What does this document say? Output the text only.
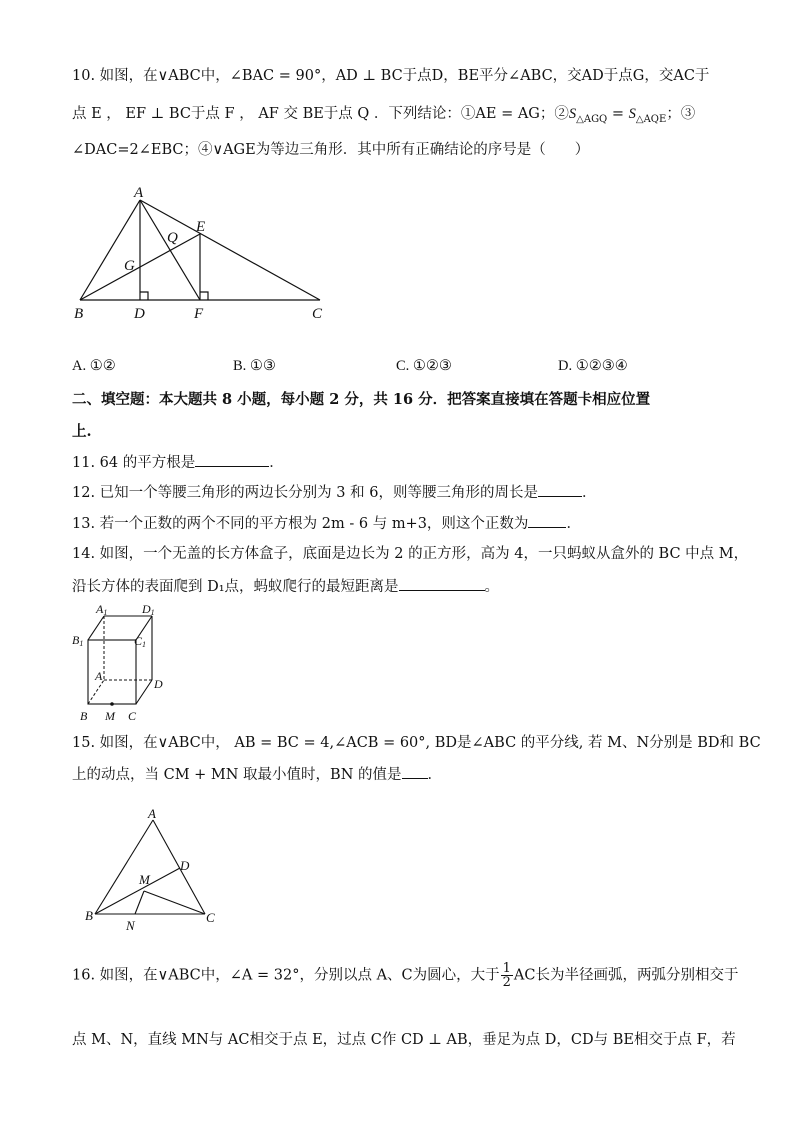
10. 如图，在∨ABC中，∠BAC = 90°，AD ⊥ BC于点D，BE平分∠ABC，交AD于点G，交AC于
点 E ， EF ⊥ BC于点 F ， AF 交 BE于点 Q ．下列结论：①AE = AG；$②S_{\triangle AGQ} = S_{\triangle AQE}$；③
∠DAC=2∠EBC；④∨AGE为等边三角形．其中所有正确结论的序号是（　　）
A
B	C
D
E
F
G
Q
A. ①②	B. ①③	C. ①②③	D. ①②③④
二、填空题：本大题共 8 小题，每小题 2 分，共 16 分．把答案直接填在答题卡相应位置
上.
11. 64 的平方根是	．
12. 已知一个等腰三角形的两边长分别为 3 和 6，则等腰三角形的周长是	．
13. 若一个正数的两个不同的平方根为 2m - 6 与 m+3，则这个正数为	．
14. 如图，一个无盖的长方体盒子，底面是边长为 2 的正方形，高为 4，一只蚂蚁从盒外的 BC 中点 M，
沿长方体的表面爬到 D₁点，蚂蚁爬行的最短距离是	。
A1	D1
B1	C1
A
D
B M C
15. 如图，在∨ABC中， AB = BC = 4,∠ACB = 60°, BD是∠ABC 的平分线, 若 M、N分别是 BD和 BC
上的动点，当 CM + MN 取最小值时，BN 的值是 ．
A
B	C
D
M
N
16. 如图，在∨ABC中，∠A = 32°，分别以点 A、C为圆心，大于 $\frac{1}{2}$ AC长为半径画弧，两弧分别相交于
点 M、N，直线 MN与 AC相交于点 E，过点 C作 CD ⊥ AB，垂足为点 D，CD与 BE相交于点 F，若
